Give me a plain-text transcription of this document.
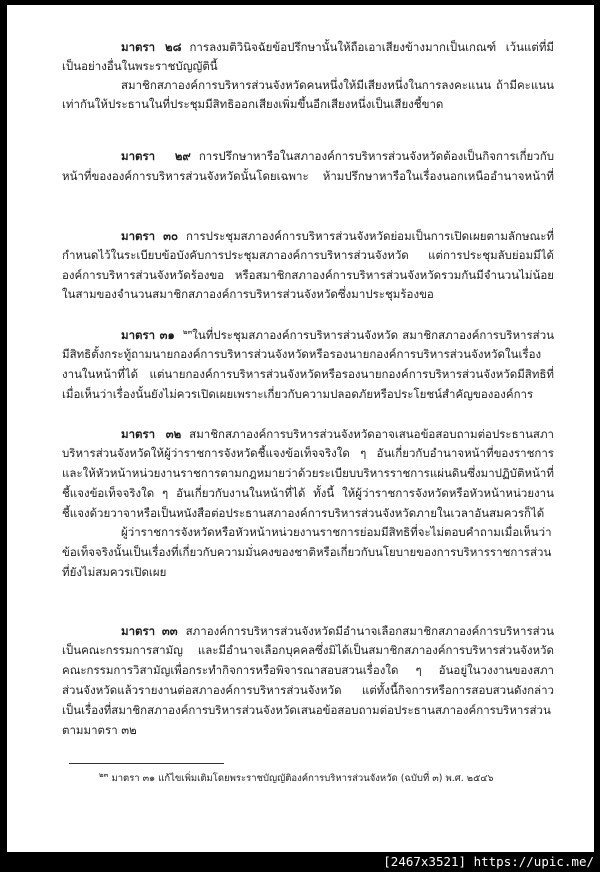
$^{๒๓}$ มาตรา ๓๑ แก้ไขเพิ่มเติมโดยพระราชบัญญัติองค์การบริหารส่วนจังหวัด (ฉบับที่ ๓) พ.ศ. ๒๕๔๖
มาตรา ๒๘ การลงมติวินิจฉัยข้อปรึกษานั้นให้ถือเอาเสียงข้างมากเป็นเกณฑ์ เว้นแต่ที่มี
เป็นอย่างอื่นในพระราชบัญญัตินี้
สมาชิกสภาองค์การบริหารส่วนจังหวัดคนหนึ่งให้มีเสียงหนึ่งในการลงคะแนน ถ้ามีคะแนน
เท่ากันให้ประธานในที่ประชุมมีสิทธิออกเสียงเพิ่มขึ้นอีกเสียงหนึ่งเป็นเสียงชี้ขาด
มาตรา ๒๙ การปรึกษาหารือในสภาองค์การบริหารส่วนจังหวัดต้องเป็นกิจการเกี่ยวกับ
หน้าที่ขององค์การบริหารส่วนจังหวัดนั้นโดยเฉพาะ ห้ามปรึกษาหารือในเรื่องนอกเหนืออำนาจหน้าที่
มาตรา ๓๐ การประชุมสภาองค์การบริหารส่วนจังหวัดย่อมเป็นการเปิดเผยตามลักษณะที่
กำหนดไว้ในระเบียบข้อบังคับการประชุมสภาองค์การบริหารส่วนจังหวัด แต่การประชุมลับย่อมมีได้
องค์การบริหารส่วนจังหวัดร้องขอ หรือสมาชิกสภาองค์การบริหารส่วนจังหวัดรวมกันมีจำนวนไม่น้อย
ในสามของจำนวนสมาชิกสภาองค์การบริหารส่วนจังหวัดซึ่งมาประชุมร้องขอ
มาตรา ๓๑ $^{๒๓}$ในที่ประชุมสภาองค์การบริหารส่วนจังหวัด สมาชิกสภาองค์การบริหารส่วน
มีสิทธิตั้งกระทู้ถามนายกองค์การบริหารส่วนจังหวัดหรือรองนายกองค์การบริหารส่วนจังหวัดในเรื่อง
งานในหน้าที่ได้ แต่นายกองค์การบริหารส่วนจังหวัดหรือรองนายกองค์การบริหารส่วนจังหวัดมีสิทธิที่
เมื่อเห็นว่าเรื่องนั้นยังไม่ควรเปิดเผยเพราะเกี่ยวกับความปลอดภัยหรือประโยชน์สำคัญขององค์การ
มาตรา ๓๒ สมาชิกสภาองค์การบริหารส่วนจังหวัดอาจเสนอข้อสอบถามต่อประธานสภา
บริหารส่วนจังหวัดให้ผู้ว่าราชการจังหวัดชี้แจงข้อเท็จจริงใด ๆ อันเกี่ยวกับอำนาจหน้าที่ของราชการ
และให้หัวหน้าหน่วยงานราชการตามกฎหมายว่าด้วยระเบียบบริหารราชการแผ่นดินซึ่งมาปฏิบัติหน้าที่
ชี้แจงข้อเท็จจริงใด ๆ อันเกี่ยวกับงานในหน้าที่ได้ ทั้งนี้ ให้ผู้ว่าราชการจังหวัดหรือหัวหน้าหน่วยงาน
ชี้แจงด้วยวาจาหรือเป็นหนังสือต่อประธานสภาองค์การบริหารส่วนจังหวัดภายในเวลาอันสมควรก็ได้
ผู้ว่าราชการจังหวัดหรือหัวหน้าหน่วยงานราชการย่อมมีสิทธิที่จะไม่ตอบคำถามเมื่อเห็นว่า
ข้อเท็จจริงนั้นเป็นเรื่องที่เกี่ยวกับความมั่นคงของชาติหรือเกี่ยวกับนโยบายของการบริหารราชการส่วน
ที่ยังไม่สมควรเปิดเผย
มาตรา ๓๓ สภาองค์การบริหารส่วนจังหวัดมีอำนาจเลือกสมาชิกสภาองค์การบริหารส่วน
เป็นคณะกรรมการสามัญ และมีอำนาจเลือกบุคคลซึ่งมิได้เป็นสมาชิกสภาองค์การบริหารส่วนจังหวัด
คณะกรรมการวิสามัญเพื่อกระทำกิจการหรือพิจารณาสอบสวนเรื่องใด ๆ อันอยู่ในวงงานของสภา
ส่วนจังหวัดแล้วรายงานต่อสภาองค์การบริหารส่วนจังหวัด แต่ทั้งนี้กิจการหรือการสอบสวนดังกล่าว
เป็นเรื่องที่สมาชิกสภาองค์การบริหารส่วนจังหวัดเสนอข้อสอบถามต่อประธานสภาองค์การบริหารส่วน
ตามมาตรา ๓๒
[2467x3521] https://upic.me/
